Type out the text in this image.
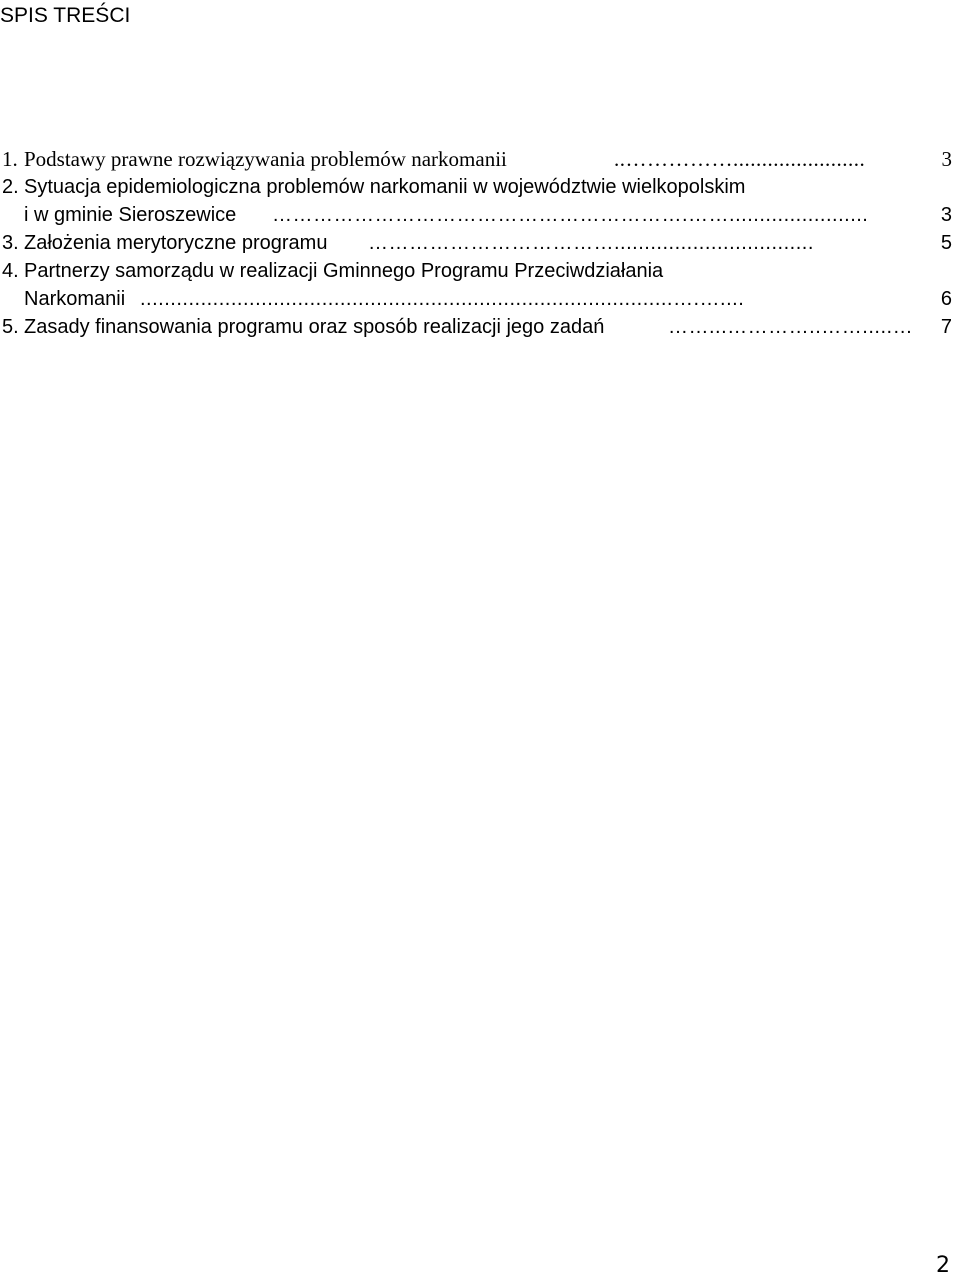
SPIS TREŚCI
1. Podstawy prawne rozwiązywania problemów narkomanii	..…………….......................	3
2. Sytuacja epidemiologiczna problemów narkomanii w województwie wielkopolskim
i w gminie Sieroszewice …………………………………………………….…….......................	3
3. Założenia merytoryczne programu ……………………………….................................	5
4. Partnerzy samorządu w realizacji Gminnego Programu Przeciwdziałania
Narkomanii ........................................................................................….…....	6
5. Zasady finansowania programu oraz sposób realizacji jego zadań	……...…………..…….....…	7
2
